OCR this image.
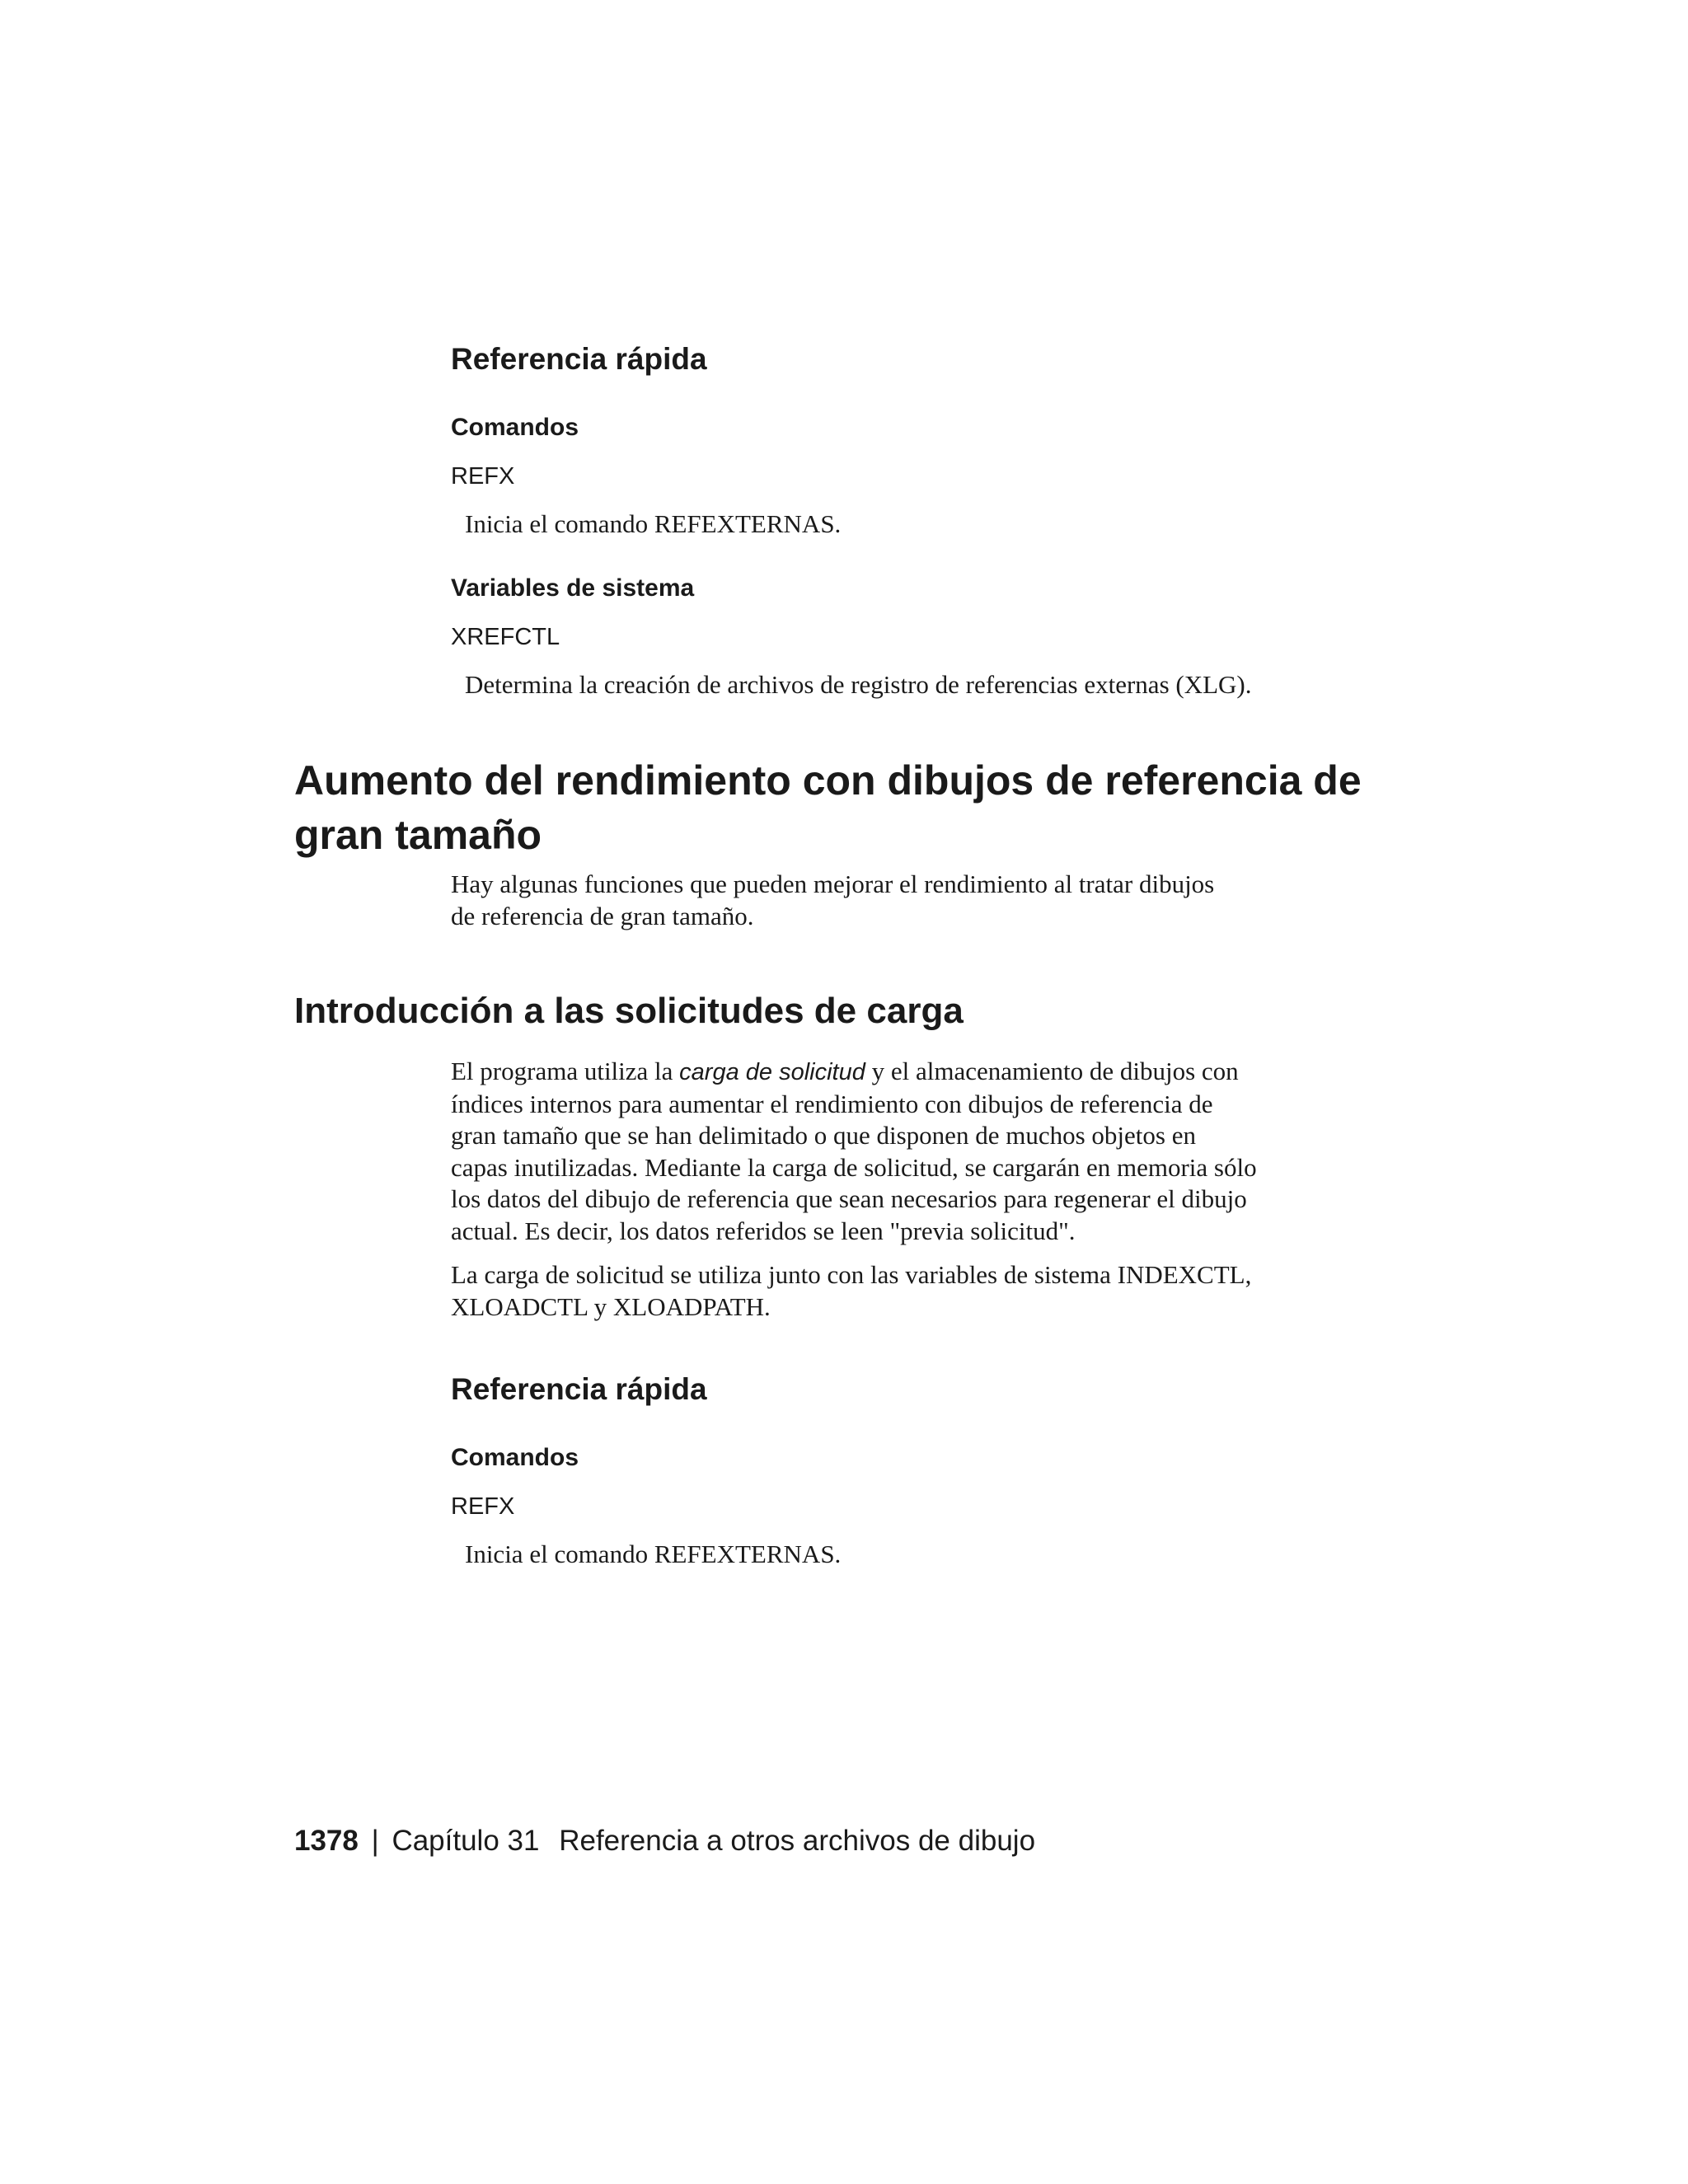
Referencia rápida
Comandos
REFX
Inicia el comando REFEXTERNAS.
Variables de sistema
XREFCTL
Determina la creación de archivos de registro de referencias externas (XLG).
Aumento del rendimiento con dibujos de referencia de
gran tamaño
Hay algunas funciones que pueden mejorar el rendimiento al tratar dibujos
de referencia de gran tamaño.
Introducción a las solicitudes de carga
El programa utiliza la carga de solicitud y el almacenamiento de dibujos con
índices internos para aumentar el rendimiento con dibujos de referencia de
gran tamaño que se han delimitado o que disponen de muchos objetos en
capas inutilizadas. Mediante la carga de solicitud, se cargarán en memoria sólo
los datos del dibujo de referencia que sean necesarios para regenerar el dibujo
actual. Es decir, los datos referidos se leen "previa solicitud".
La carga de solicitud se utiliza junto con las variables de sistema INDEXCTL,
XLOADCTL y XLOADPATH.
Referencia rápida
Comandos
REFX
Inicia el comando REFEXTERNAS.
1378 | Capítulo 31 Referencia a otros archivos de dibujo
